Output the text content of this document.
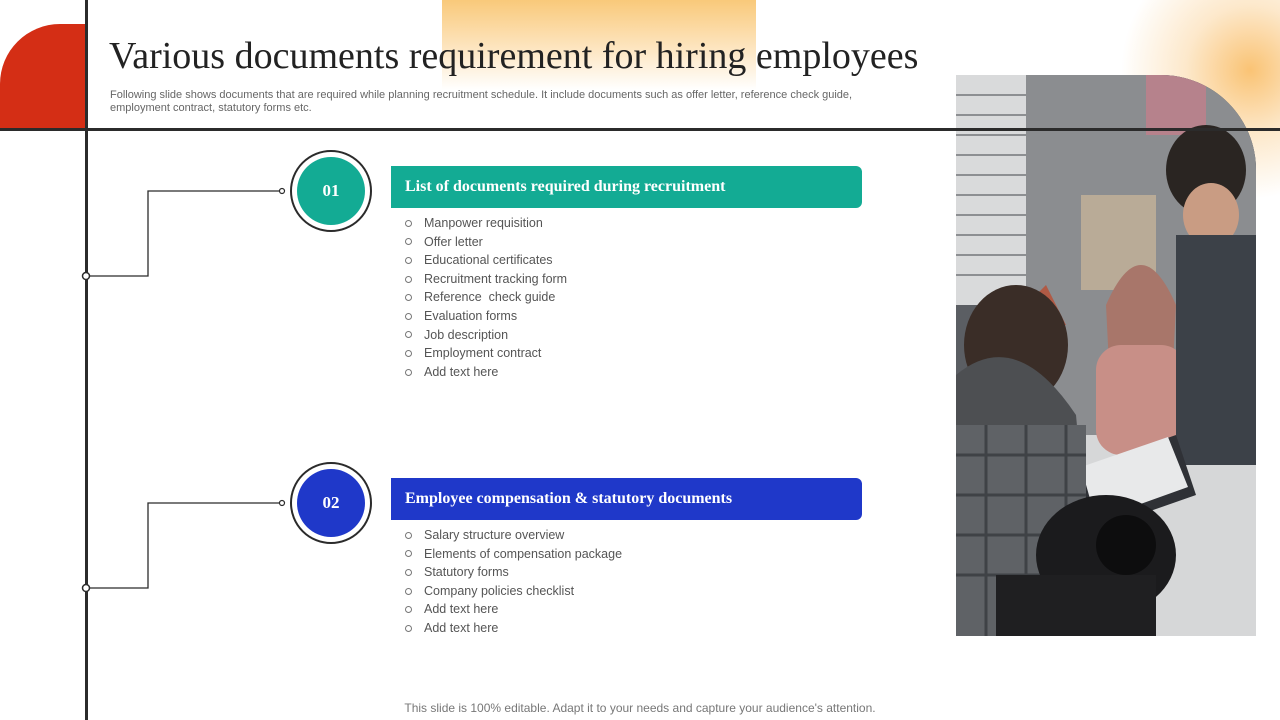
Various documents requirement for hiring employees

Following slide shows documents that are required while planning recruitment schedule. It include documents such as offer letter, reference check guide, employment contract, statutory forms etc.

01	List of documents required during recruitment
Manpower requisition
Offer letter
Educational certificates
Recruitment tracking form
Reference  check guide
Evaluation forms
Job description
Employment contract
Add text here
02	Employee compensation & statutory documents
Salary structure overview
Elements of compensation package
Statutory forms
Company policies checklist
Add text here
Add text here
This slide is 100% editable. Adapt it to your needs and capture your audience's attention.
